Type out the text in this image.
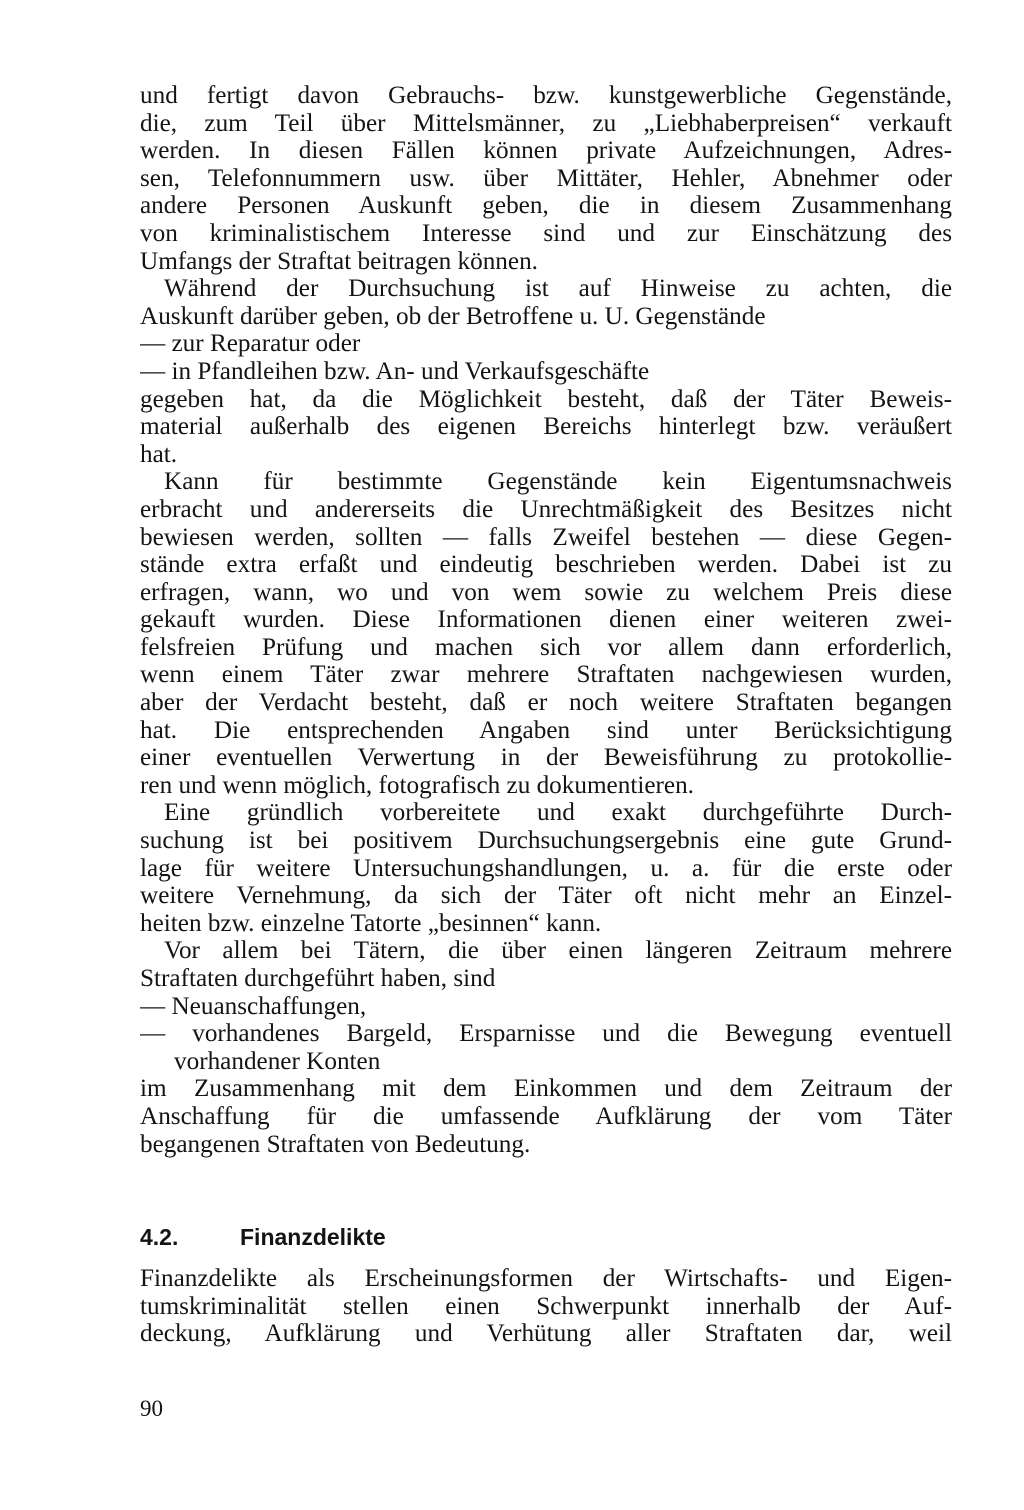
und fertigt davon Gebrauchs- bzw. kunstgewerbliche Gegenstände,
die, zum Teil über Mittelsmänner, zu „Liebhaberpreisen“ verkauft
werden. In diesen Fällen können private Aufzeichnungen, Adres-
sen, Telefonnummern usw. über Mittäter, Hehler, Abnehmer oder
andere Personen Auskunft geben, die in diesem Zusammenhang
von kriminalistischem Interesse sind und zur Einschätzung des
Umfangs der Straftat beitragen können.
Während der Durchsuchung ist auf Hinweise zu achten, die
Auskunft darüber geben, ob der Betroffene u. U. Gegenstände
— zur Reparatur oder
— in Pfandleihen bzw. An- und Verkaufsgeschäfte
gegeben hat, da die Möglichkeit besteht, daß der Täter Beweis-
material außerhalb des eigenen Bereichs hinterlegt bzw. veräußert
hat.
Kann für bestimmte Gegenstände kein Eigentumsnachweis
erbracht und andererseits die Unrechtmäßigkeit des Besitzes nicht
bewiesen werden, sollten — falls Zweifel bestehen — diese Gegen-
stände extra erfaßt und eindeutig beschrieben werden. Dabei ist zu
erfragen, wann, wo und von wem sowie zu welchem Preis diese
gekauft wurden. Diese Informationen dienen einer weiteren zwei-
felsfreien Prüfung und machen sich vor allem dann erforderlich,
wenn einem Täter zwar mehrere Straftaten nachgewiesen wurden,
aber der Verdacht besteht, daß er noch weitere Straftaten begangen
hat. Die entsprechenden Angaben sind unter Berücksichtigung
einer eventuellen Verwertung in der Beweisführung zu protokollie-
ren und wenn möglich, fotografisch zu dokumentieren.
Eine gründlich vorbereitete und exakt durchgeführte Durch-
suchung ist bei positivem Durchsuchungsergebnis eine gute Grund-
lage für weitere Untersuchungshandlungen, u. a. für die erste oder
weitere Vernehmung, da sich der Täter oft nicht mehr an Einzel-
heiten bzw. einzelne Tatorte „besinnen“ kann.
Vor allem bei Tätern, die über einen längeren Zeitraum mehrere
Straftaten durchgeführt haben, sind
— Neuanschaffungen,
— vorhandenes Bargeld, Ersparnisse und die Bewegung eventuell
vorhandener Konten
im Zusammenhang mit dem Einkommen und dem Zeitraum der
Anschaffung für die umfassende Aufklärung der vom Täter
begangenen Straftaten von Bedeutung.
4.2.	Finanzdelikte
Finanzdelikte als Erscheinungsformen der Wirtschafts- und Eigen-
tumskriminalität stellen einen Schwerpunkt innerhalb der Auf-
deckung, Aufklärung und Verhütung aller Straftaten dar, weil
90
